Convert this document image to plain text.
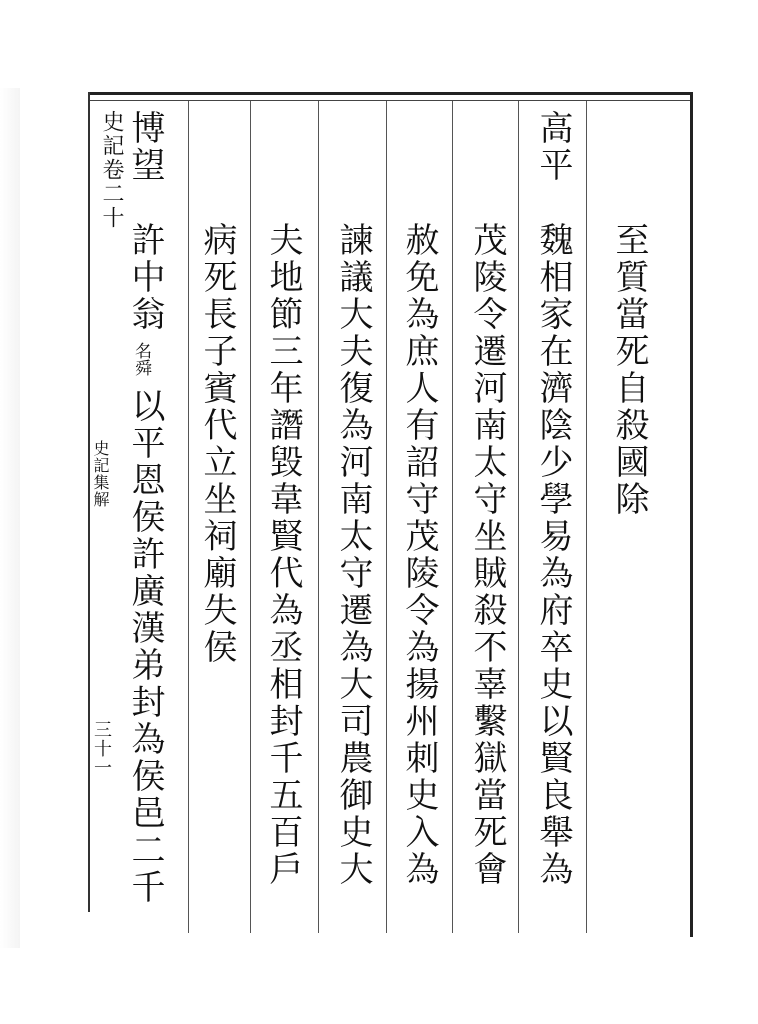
史記卷二十
史記集解
三十一
至質當死自殺國除
高平
魏相家在濟陰少學易為府卒史以賢良舉為
茂陵令遷河南太守坐賊殺不辜繫獄當死會
赦免為庶人有詔守茂陵令為揚州刺史入為
諫議大夫復為河南太守遷為大司農御史大
夫地節三年譖毀韋賢代為丞相封千五百戶
病死長子賓代立坐祠廟失侯
博望
許中翁
名舜
以平恩侯許廣漢弟封為侯邑二千
